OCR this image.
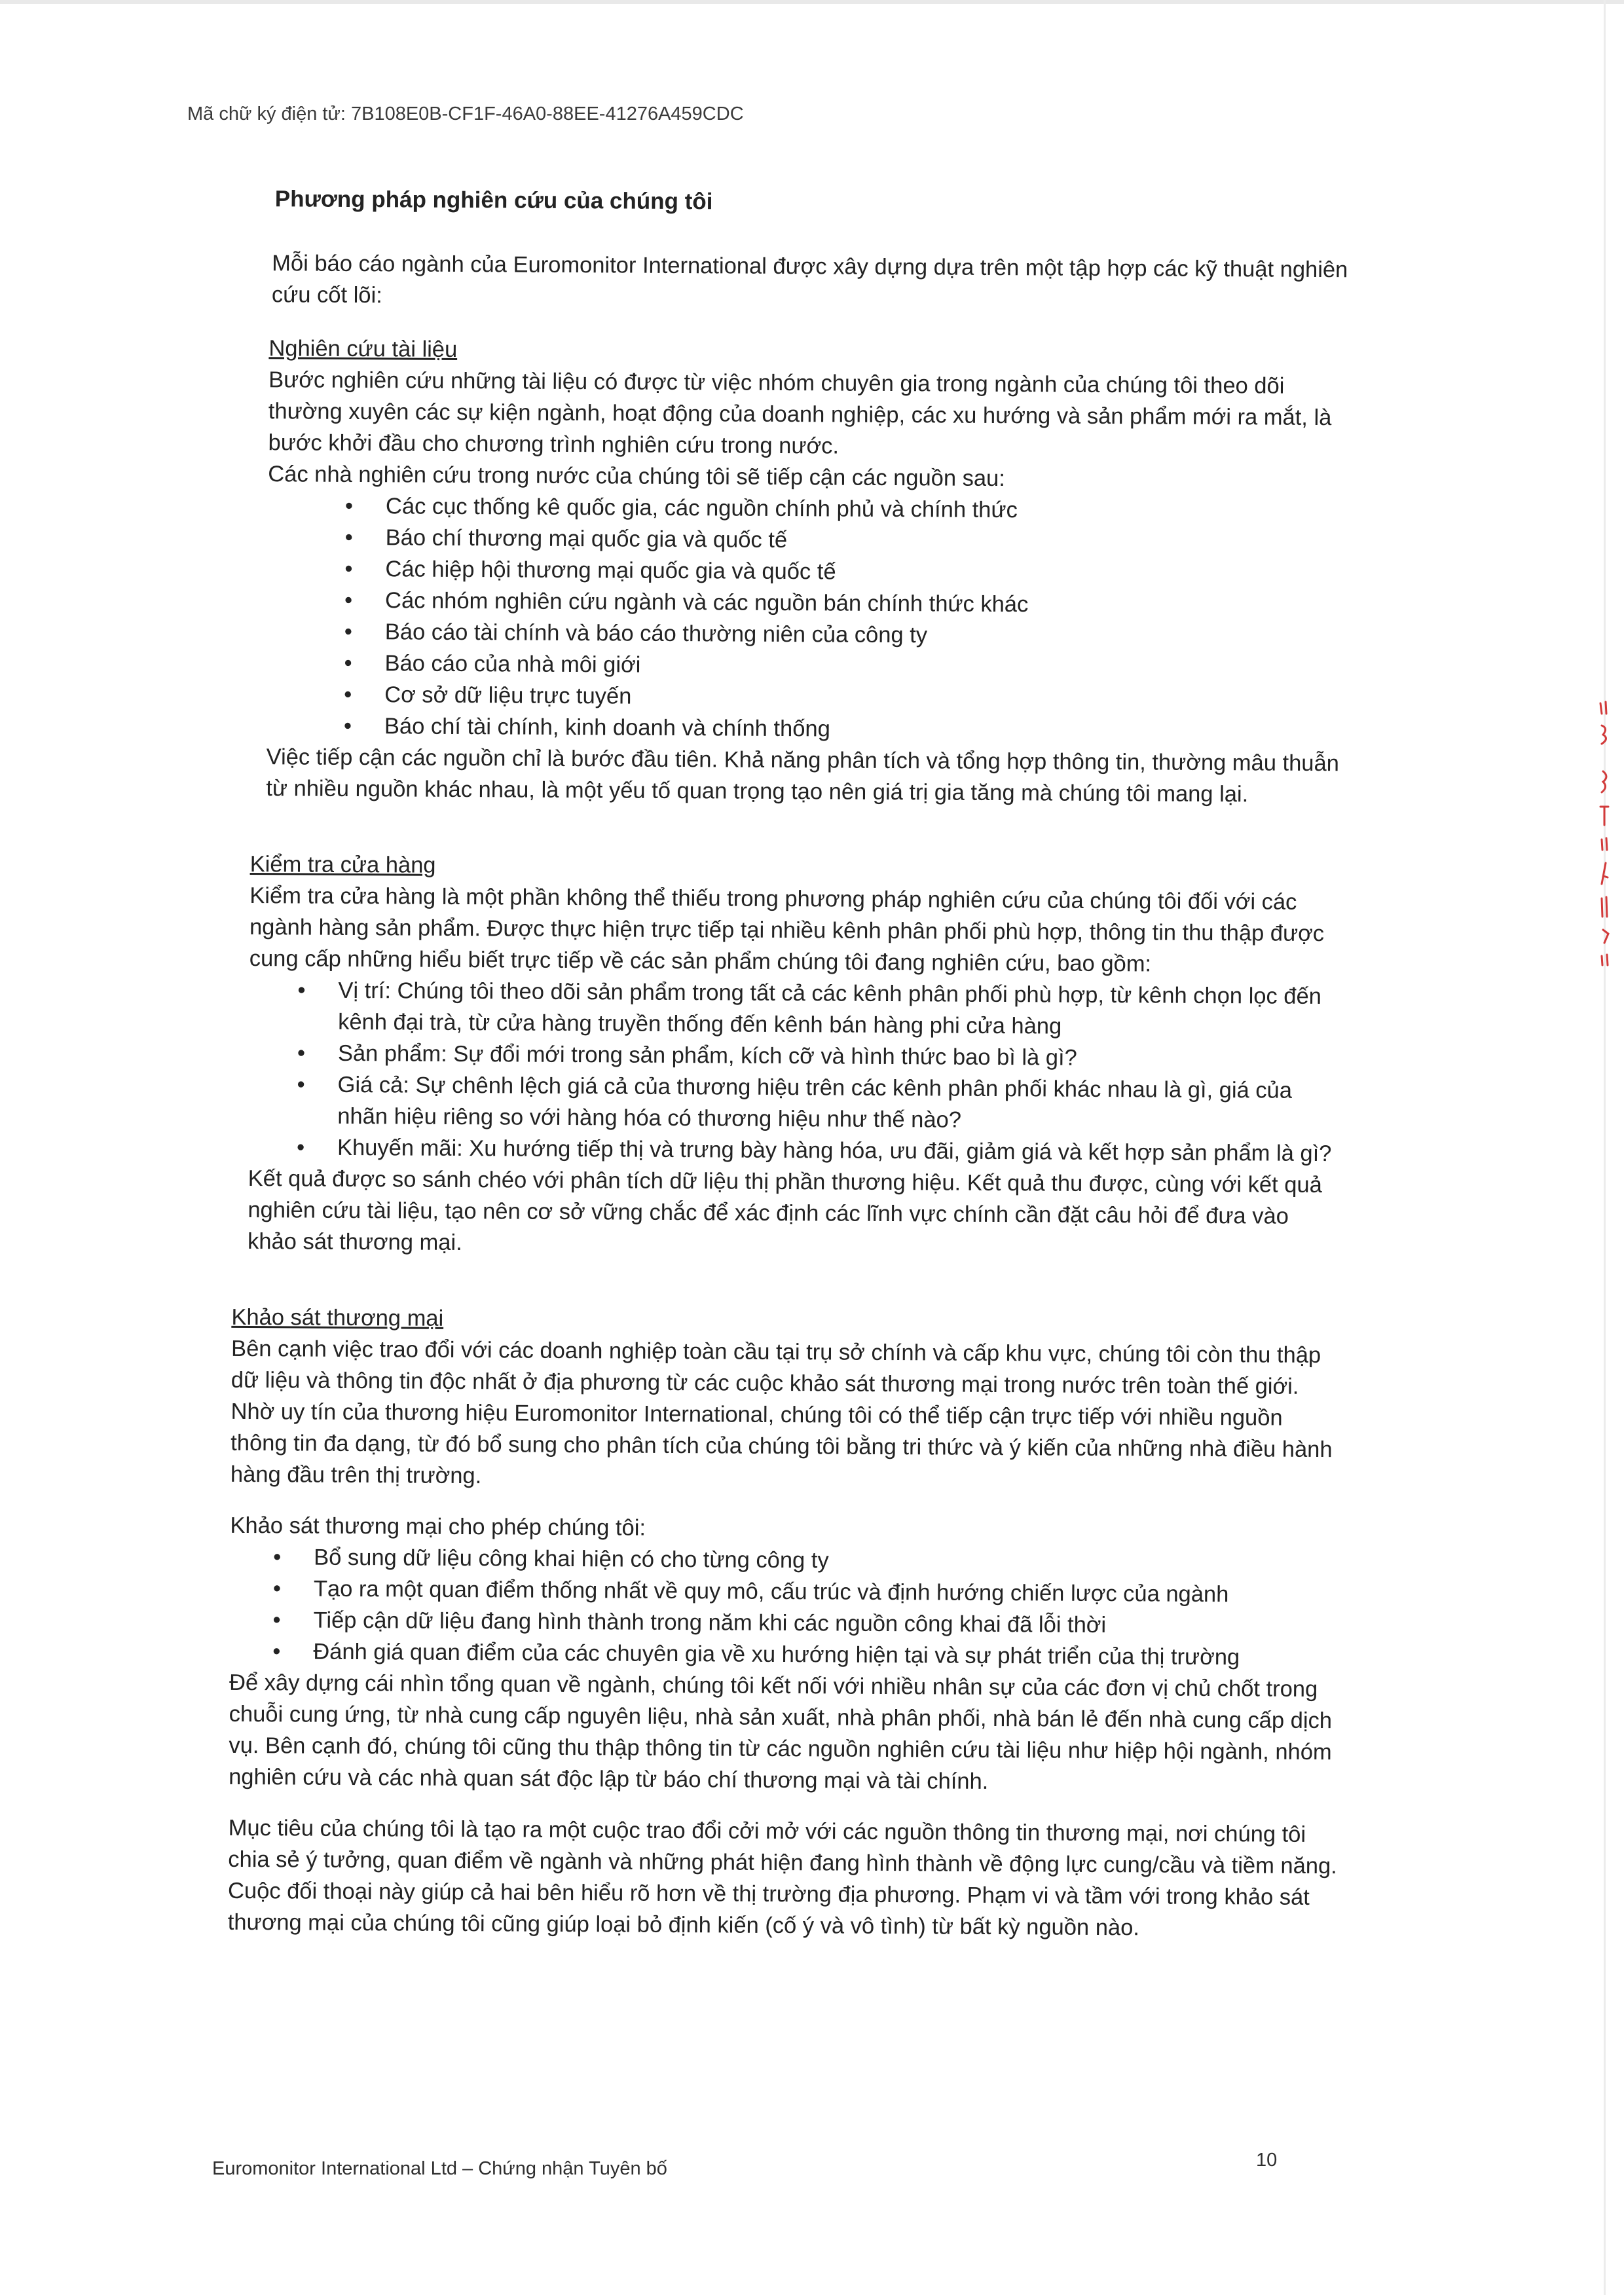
Mã chữ ký điện tử: 7B108E0B-CF1F-46A0-88EE-41276A459CDC
Phương pháp nghiên cứu của chúng tôi

Mỗi báo cáo ngành của Euromonitor International được xây dựng dựa trên một tập hợp các kỹ thuật nghiên cứu cốt lõi:

Nghiên cứu tài liệu

Bước nghiên cứu những tài liệu có được từ việc nhóm chuyên gia trong ngành của chúng tôi theo dõi thường xuyên các sự kiện ngành, hoạt động của doanh nghiệp, các xu hướng và sản phẩm mới ra mắt, là bước khởi đầu cho chương trình nghiên cứu trong nước.

Các nhà nghiên cứu trong nước của chúng tôi sẽ tiếp cận các nguồn sau:

• Các cục thống kê quốc gia, các nguồn chính phủ và chính thức
• Báo chí thương mại quốc gia và quốc tế
• Các hiệp hội thương mại quốc gia và quốc tế
• Các nhóm nghiên cứu ngành và các nguồn bán chính thức khác
• Báo cáo tài chính và báo cáo thường niên của công ty
• Báo cáo của nhà môi giới
• Cơ sở dữ liệu trực tuyến
• Báo chí tài chính, kinh doanh và chính thống

Việc tiếp cận các nguồn chỉ là bước đầu tiên. Khả năng phân tích và tổng hợp thông tin, thường mâu thuẫn từ nhiều nguồn khác nhau, là một yếu tố quan trọng tạo nên giá trị gia tăng mà chúng tôi mang lại.

Kiểm tra cửa hàng

Kiểm tra cửa hàng là một phần không thể thiếu trong phương pháp nghiên cứu của chúng tôi đối với các ngành hàng sản phẩm. Được thực hiện trực tiếp tại nhiều kênh phân phối phù hợp, thông tin thu thập được cung cấp những hiểu biết trực tiếp về các sản phẩm chúng tôi đang nghiên cứu, bao gồm:

• Vị trí: Chúng tôi theo dõi sản phẩm trong tất cả các kênh phân phối phù hợp, từ kênh chọn lọc đến kênh đại trà, từ cửa hàng truyền thống đến kênh bán hàng phi cửa hàng
• Sản phẩm: Sự đổi mới trong sản phẩm, kích cỡ và hình thức bao bì là gì?
• Giá cả: Sự chênh lệch giá cả của thương hiệu trên các kênh phân phối khác nhau là gì, giá của nhãn hiệu riêng so với hàng hóa có thương hiệu như thế nào?
• Khuyến mãi: Xu hướng tiếp thị và trưng bày hàng hóa, ưu đãi, giảm giá và kết hợp sản phẩm là gì?

Kết quả được so sánh chéo với phân tích dữ liệu thị phần thương hiệu. Kết quả thu được, cùng với kết quả nghiên cứu tài liệu, tạo nên cơ sở vững chắc để xác định các lĩnh vực chính cần đặt câu hỏi để đưa vào khảo sát thương mại.

Khảo sát thương mại

Bên cạnh việc trao đổi với các doanh nghiệp toàn cầu tại trụ sở chính và cấp khu vực, chúng tôi còn thu thập dữ liệu và thông tin độc nhất ở địa phương từ các cuộc khảo sát thương mại trong nước trên toàn thế giới. Nhờ uy tín của thương hiệu Euromonitor International, chúng tôi có thể tiếp cận trực tiếp với nhiều nguồn thông tin đa dạng, từ đó bổ sung cho phân tích của chúng tôi bằng tri thức và ý kiến của những nhà điều hành hàng đầu trên thị trường.

Khảo sát thương mại cho phép chúng tôi:

• Bổ sung dữ liệu công khai hiện có cho từng công ty
• Tạo ra một quan điểm thống nhất về quy mô, cấu trúc và định hướng chiến lược của ngành
• Tiếp cận dữ liệu đang hình thành trong năm khi các nguồn công khai đã lỗi thời
• Đánh giá quan điểm của các chuyên gia về xu hướng hiện tại và sự phát triển của thị trường

Để xây dựng cái nhìn tổng quan về ngành, chúng tôi kết nối với nhiều nhân sự của các đơn vị chủ chốt trong chuỗi cung ứng, từ nhà cung cấp nguyên liệu, nhà sản xuất, nhà phân phối, nhà bán lẻ đến nhà cung cấp dịch vụ. Bên cạnh đó, chúng tôi cũng thu thập thông tin từ các nguồn nghiên cứu tài liệu như hiệp hội ngành, nhóm nghiên cứu và các nhà quan sát độc lập từ báo chí thương mại và tài chính.

Mục tiêu của chúng tôi là tạo ra một cuộc trao đổi cởi mở với các nguồn thông tin thương mại, nơi chúng tôi chia sẻ ý tưởng, quan điểm về ngành và những phát hiện đang hình thành về động lực cung/cầu và tiềm năng. Cuộc đối thoại này giúp cả hai bên hiểu rõ hơn về thị trường địa phương. Phạm vi và tầm với trong khảo sát thương mại của chúng tôi cũng giúp loại bỏ định kiến (cố ý và vô tình) từ bất kỳ nguồn nào.

Euromonitor International Ltd – Chứng nhận Tuyên bố	10
